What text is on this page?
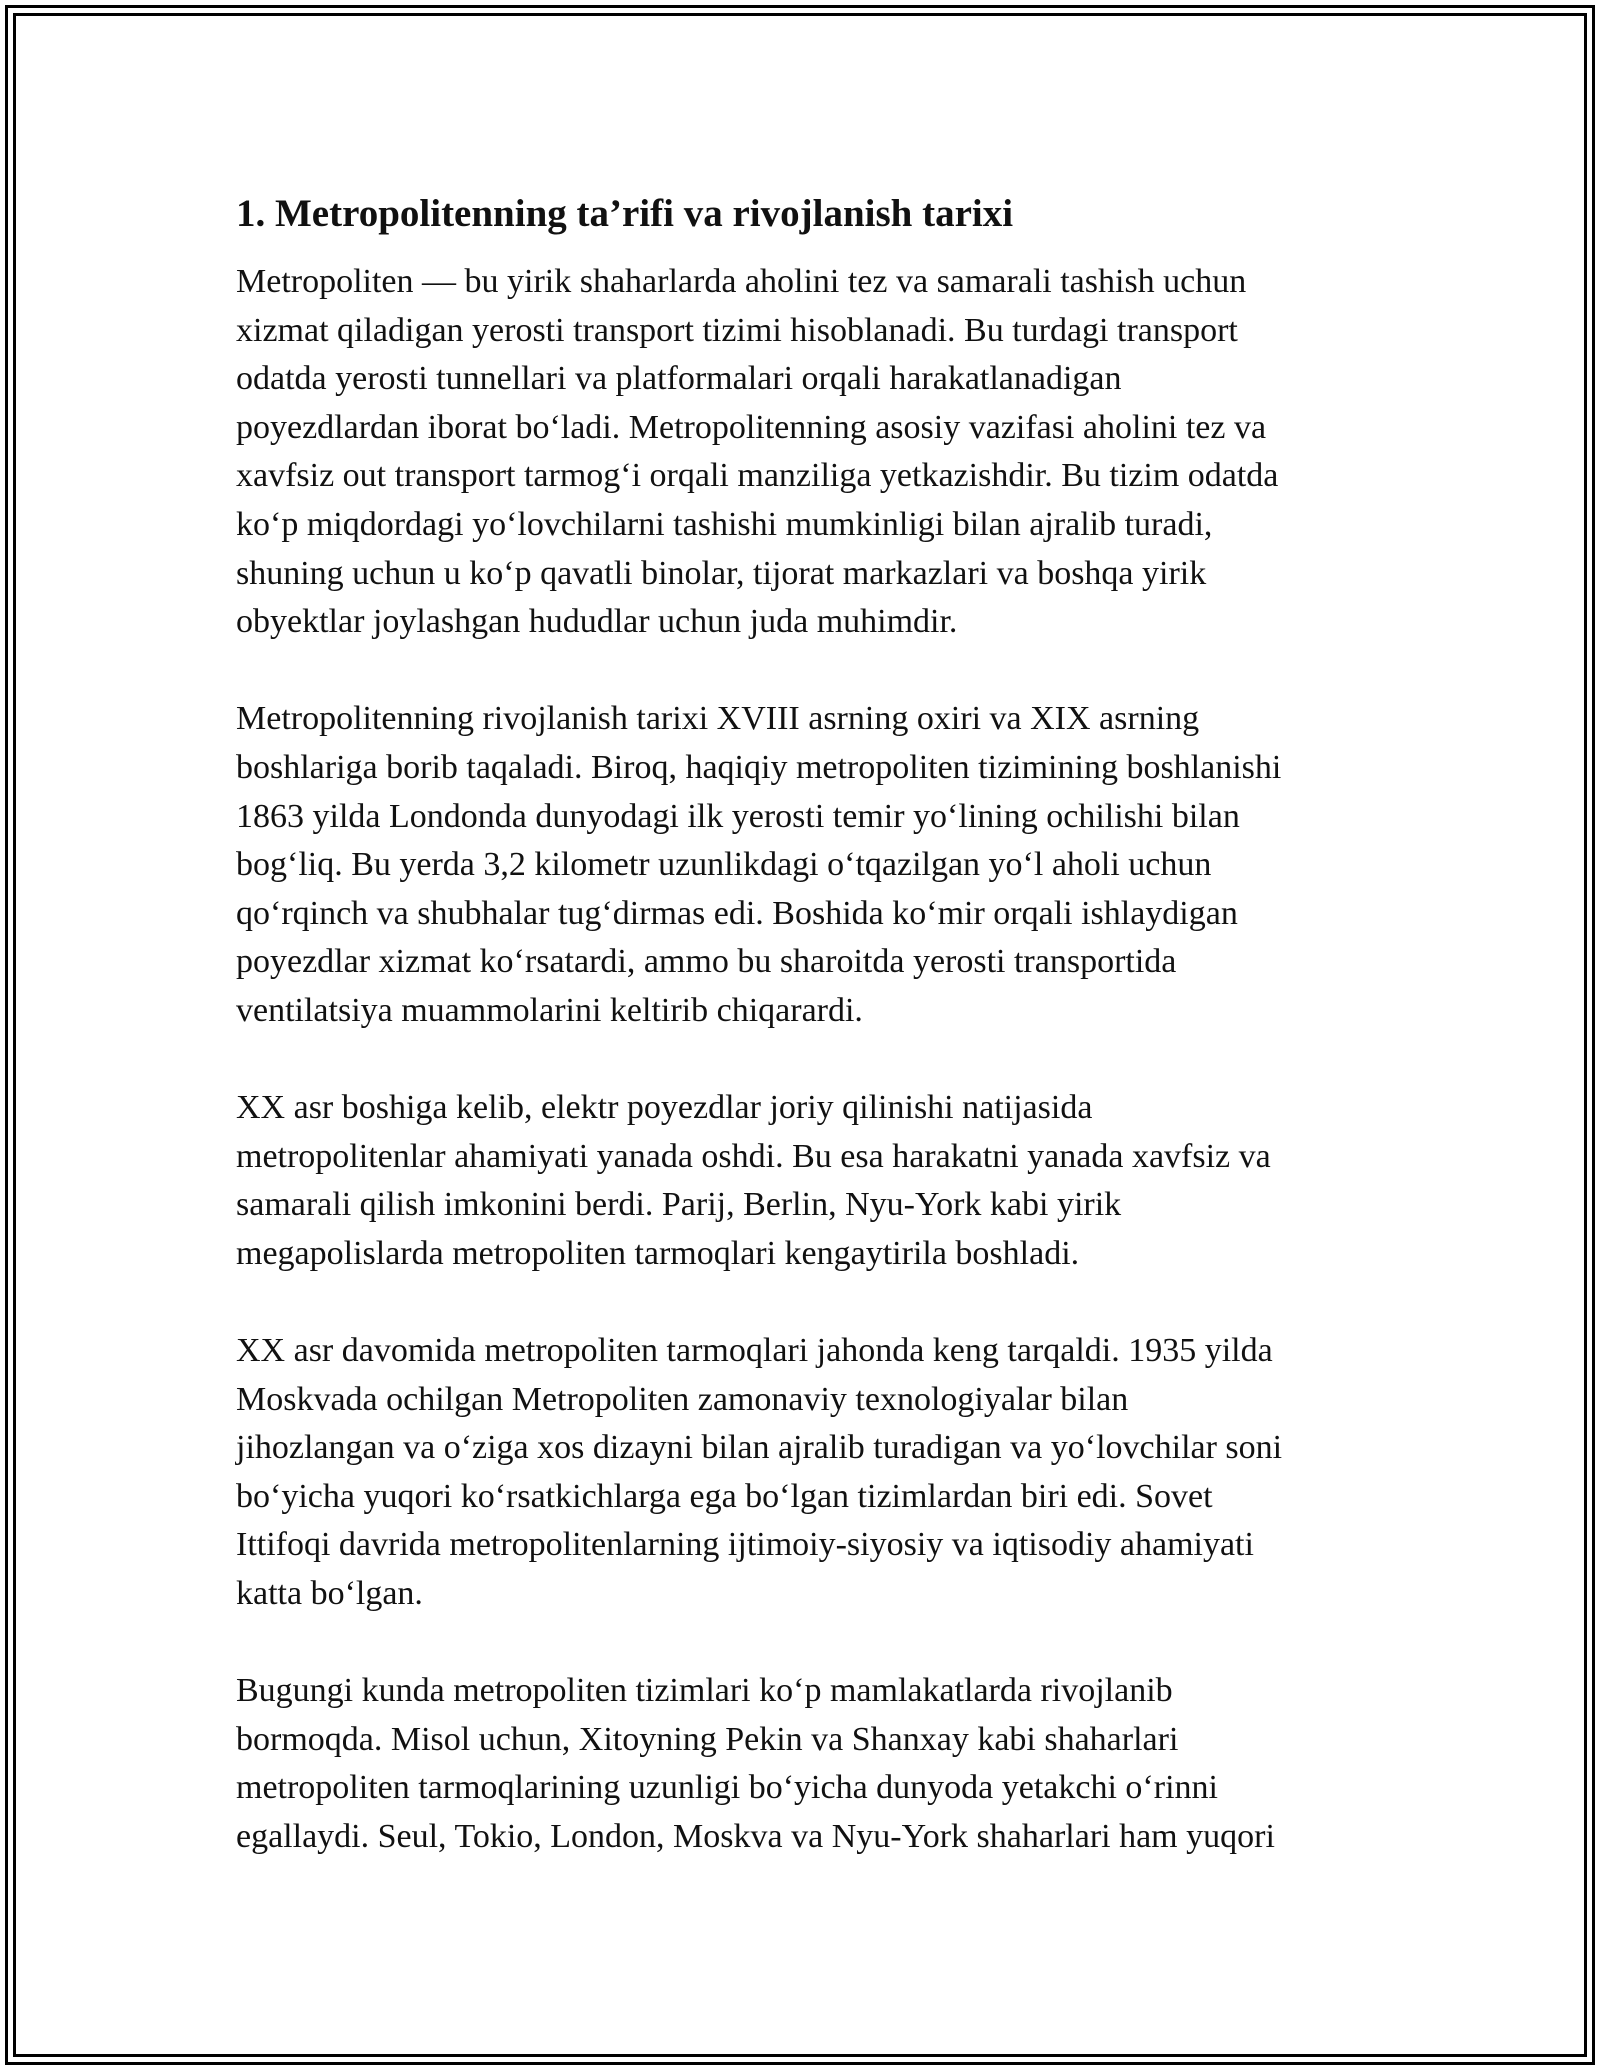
1. Metropolitenning ta’rifi va rivojlanish tarixi
Metropoliten — bu yirik shaharlarda aholini tez va samarali tashish uchun
xizmat qiladigan yerosti transport tizimi hisoblanadi. Bu turdagi transport
odatda yerosti tunnellari va platformalari orqali harakatlanadigan
poyezdlardan iborat boʻladi. Metropolitenning asosiy vazifasi aholini tez va
xavfsiz out transport tarmogʻi orqali manziliga yetkazishdir. Bu tizim odatda
koʻp miqdordagi yoʻlovchilarni tashishi mumkinligi bilan ajralib turadi,
shuning uchun u koʻp qavatli binolar, tijorat markazlari va boshqa yirik
obyektlar joylashgan hududlar uchun juda muhimdir.
Metropolitenning rivojlanish tarixi XVIII asrning oxiri va XIX asrning
boshlariga borib taqaladi. Biroq, haqiqiy metropoliten tizimining boshlanishi
1863 yilda Londonda dunyodagi ilk yerosti temir yoʻlining ochilishi bilan
bogʻliq. Bu yerda 3,2 kilometr uzunlikdagi oʻtqazilgan yoʻl aholi uchun
qoʻrqinch va shubhalar tugʻdirmas edi. Boshida koʻmir orqali ishlaydigan
poyezdlar xizmat koʻrsatardi, ammo bu sharoitda yerosti transportida
ventilatsiya muammolarini keltirib chiqarardi.
XX asr boshiga kelib, elektr poyezdlar joriy qilinishi natijasida
metropolitenlar ahamiyati yanada oshdi. Bu esa harakatni yanada xavfsiz va
samarali qilish imkonini berdi. Parij, Berlin, Nyu-York kabi yirik
megapolislarda metropoliten tarmoqlari kengaytirila boshladi.
XX asr davomida metropoliten tarmoqlari jahonda keng tarqaldi. 1935 yilda
Moskvada ochilgan Metropoliten zamonaviy texnologiyalar bilan
jihozlangan va oʻziga xos dizayni bilan ajralib turadigan va yoʻlovchilar soni
boʻyicha yuqori koʻrsatkichlarga ega boʻlgan tizimlardan biri edi. Sovet
Ittifoqi davrida metropolitenlarning ijtimoiy-siyosiy va iqtisodiy ahamiyati
katta boʻlgan.
Bugungi kunda metropoliten tizimlari koʻp mamlakatlarda rivojlanib
bormoqda. Misol uchun, Xitoyning Pekin va Shanxay kabi shaharlari
metropoliten tarmoqlarining uzunligi boʻyicha dunyoda yetakchi oʻrinni
egallaydi. Seul, Tokio, London, Moskva va Nyu-York shaharlari ham yuqori
